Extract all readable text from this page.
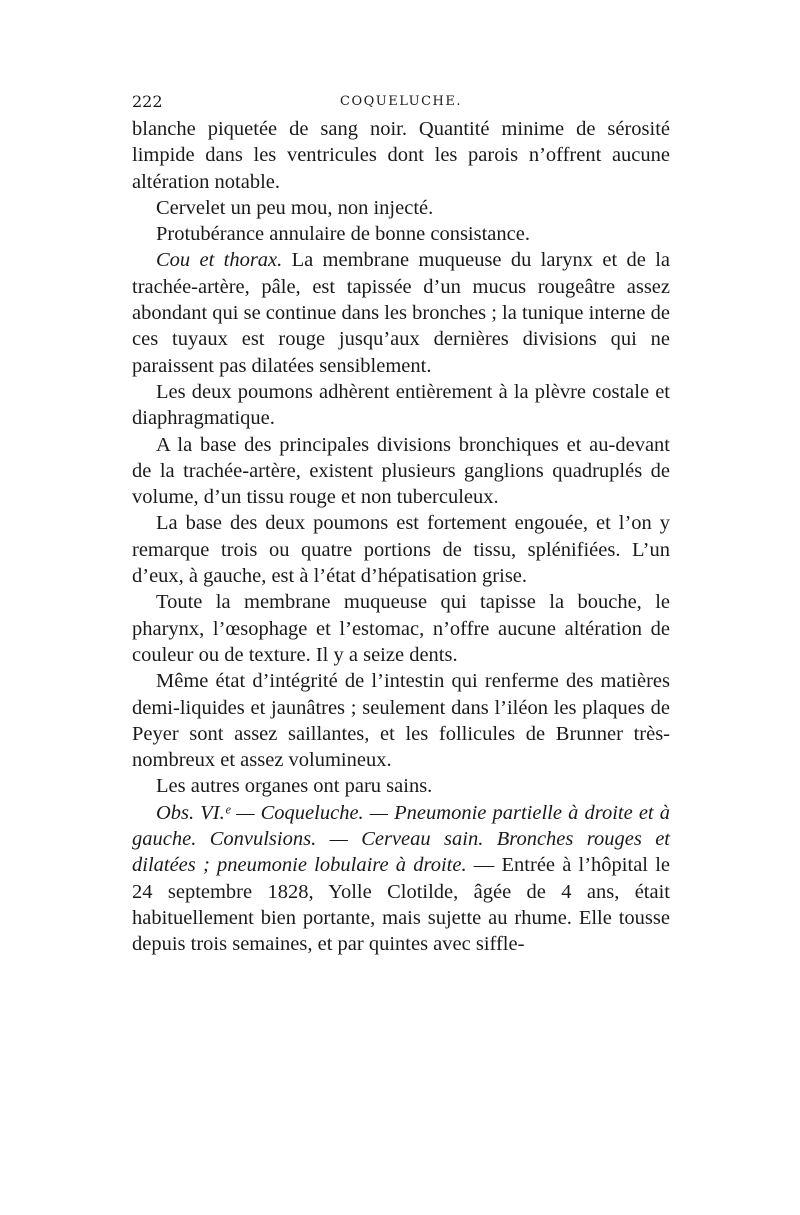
222	COQUELUCHE.

blanche piquetée de sang noir. Quantité minime de sérosité limpide dans les ventricules dont les parois n’offrent aucune altération notable.

Cervelet un peu mou, non injecté.

Protubérance annulaire de bonne consistance.

Cou et thorax. La membrane muqueuse du larynx et de la trachée-artère, pâle, est tapissée d’un mucus rougeâtre assez abondant qui se continue dans les bronches ; la tunique interne de ces tuyaux est rouge jusqu’aux dernières divisions qui ne paraissent pas dilatées sensiblement.

Les deux poumons adhèrent entièrement à la plèvre costale et diaphragmatique.

A la base des principales divisions bronchiques et au-devant de la trachée-artère, existent plusieurs ganglions quadruplés de volume, d’un tissu rouge et non tuberculeux.

La base des deux poumons est fortement engouée, et l’on y remarque trois ou quatre portions de tissu, splénifiées. L’un d’eux, à gauche, est à l’état d’hépatisation grise.

Toute la membrane muqueuse qui tapisse la bouche, le pharynx, l’œsophage et l’estomac, n’offre aucune altération de couleur ou de texture. Il y a seize dents.

Même état d’intégrité de l’intestin qui renferme des matières demi-liquides et jaunâtres ; seulement dans l’iléon les plaques de Peyer sont assez saillantes, et les follicules de Brunner très-nombreux et assez volumineux.

Les autres organes ont paru sains.

Obs. VI.ᵉ — Coqueluche. — Pneumonie partielle à droite et à gauche. Convulsions. — Cerveau sain. Bronches rouges et dilatées ; pneumonie lobulaire à droite. — Entrée à l’hôpital le 24 septembre 1828, Yolle Clotilde, âgée de 4 ans, était habituellement bien portante, mais sujette au rhume. Elle tousse depuis trois semaines, et par quintes avec siffle-
